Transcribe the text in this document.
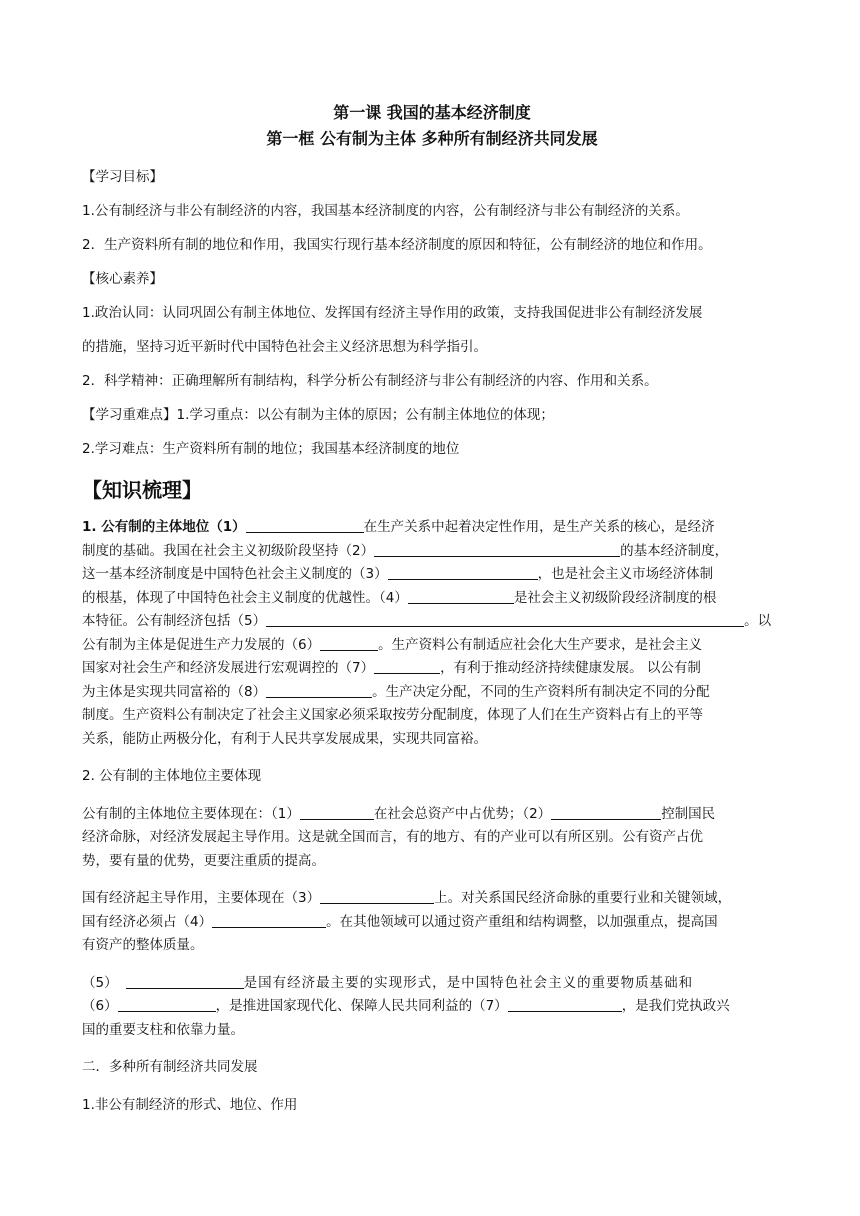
第一课 我国的基本经济制度

第一框 公有制为主体 多种所有制经济共同发展

【学习目标】

1.公有制经济与非公有制经济的内容，我国基本经济制度的内容，公有制经济与非公有制经济的关系。

2．生产资料所有制的地位和作用，我国实行现行基本经济制度的原因和特征，公有制经济的地位和作用。

【核心素养】

1.政治认同：认同巩固公有制主体地位、发挥国有经济主导作用的政策，支持我国促进非公有制经济发展

的措施，坚持习近平新时代中国特色社会主义经济思想为科学指引。

2．科学精神：正确理解所有制结构，科学分析公有制经济与非公有制经济的内容、作用和关系。

【学习重难点】1.学习重点：以公有制为主体的原因；公有制主体地位的体现；

2.学习难点：生产资料所有制的地位；我国基本经济制度的地位

【知识梳理】
1. 公有制的主体地位（1）	在生产关系中起着决定性作用，是生产关系的核心，是经济
制度的基础。我国在社会主义初级阶段坚持（2）	的基本经济制度，
这一基本经济制度是中国特色社会主义制度的（3）	，也是社会主义市场经济体制
的根基，体现了中国特色社会主义制度的优越性。（4）	是社会主义初级阶段经济制度的根
本特征。公有制经济包括（5）	。以
公有制为主体是促进生产力发展的（6）	。生产资料公有制适应社会化大生产要求，是社会主义
国家对社会生产和经济发展进行宏观调控的（7）	，有利于推动经济持续健康发展。 以公有制
为主体是实现共同富裕的（8）	。生产决定分配，不同的生产资料所有制决定不同的分配
制度。生产资料公有制决定了社会主义国家必须采取按劳分配制度，体现了人们在生产资料占有上的平等
关系，能防止两极分化，有利于人民共享发展成果，实现共同富裕。
2. 公有制的主体地位主要体现
公有制的主体地位主要体现在：（1）	在社会总资产中占优势；（2）	控制国民
经济命脉，对经济发展起主导作用。这是就全国而言，有的地方、有的产业可以有所区别。公有资产占优
势，要有量的优势，更要注重质的提高。
国有经济起主导作用，主要体现在（3）	上。对关系国民经济命脉的重要行业和关键领域，
国有经济必须占（4）	。在其他领域可以通过资产重组和结构调整，以加强重点，提高国
有资产的整体质量。
（5）	是国有经济最主要的实现形式，是中国特色社会主义的重要物质基础和
（6）	，是推进国家现代化、保障人民共同利益的（7）	，是我们党执政兴
国的重要支柱和依靠力量。
二．多种所有制经济共同发展
1.非公有制经济的形式、地位、作用
